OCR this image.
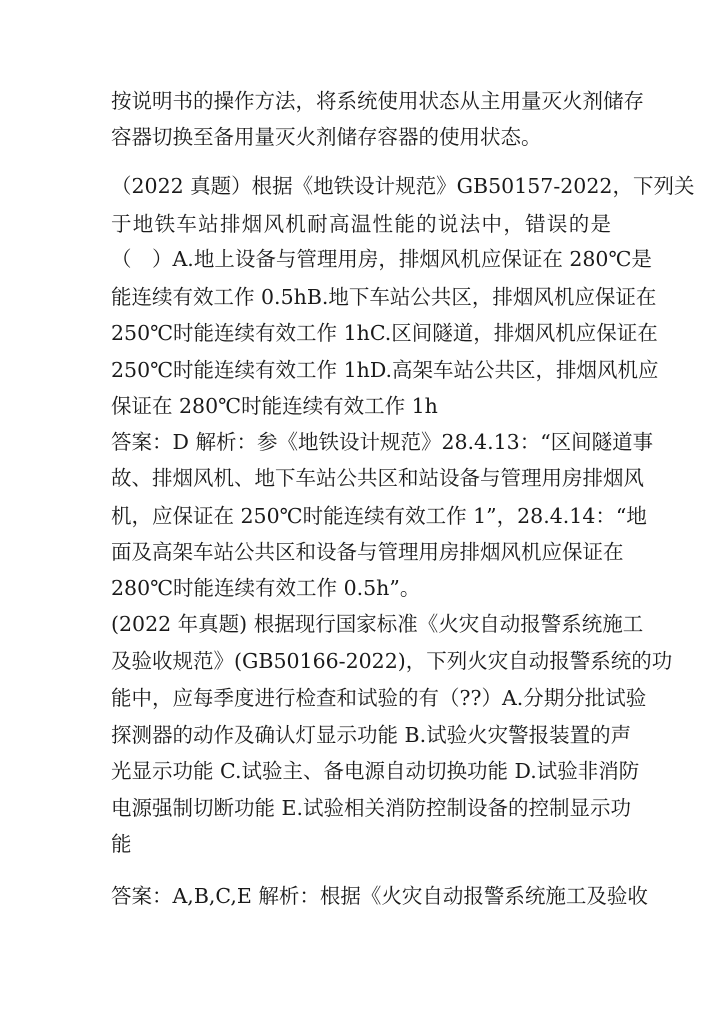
按说明书的操作方法，将系统使用状态从主用量灭火剂储存
容器切换至备用量灭火剂储存容器的使用状态。
（2022 真题）根据《地铁设计规范》GB50157-2022，下列关
于地铁车站排烟风机耐高温性能的说法中，错误的是
（　）A.地上设备与管理用房，排烟风机应保证在 280℃是
能连续有效工作 0.5hB.地下车站公共区，排烟风机应保证在
250℃时能连续有效工作 1hC.区间隧道，排烟风机应保证在
250℃时能连续有效工作 1hD.高架车站公共区，排烟风机应
保证在 280℃时能连续有效工作 1h
答案：D 解析：参《地铁设计规范》28.4.13：“区间隧道事
故、排烟风机、地下车站公共区和站设备与管理用房排烟风
机，应保证在 250℃时能连续有效工作 1”，28.4.14：“地
面及高架车站公共区和设备与管理用房排烟风机应保证在
280℃时能连续有效工作 0.5h”。
(2022 年真题) 根据现行国家标准《火灾自动报警系统施工
及验收规范》(GB50166-2022)，下列火灾自动报警系统的功
能中，应每季度进行检查和试验的有（??）A.分期分批试验
探测器的动作及确认灯显示功能 B.试验火灾警报装置的声
光显示功能 C.试验主、备电源自动切换功能 D.试验非消防
电源强制切断功能 E.试验相关消防控制设备的控制显示功
能
答案：A,B,C,E 解析：根据《火灾自动报警系统施工及验收
